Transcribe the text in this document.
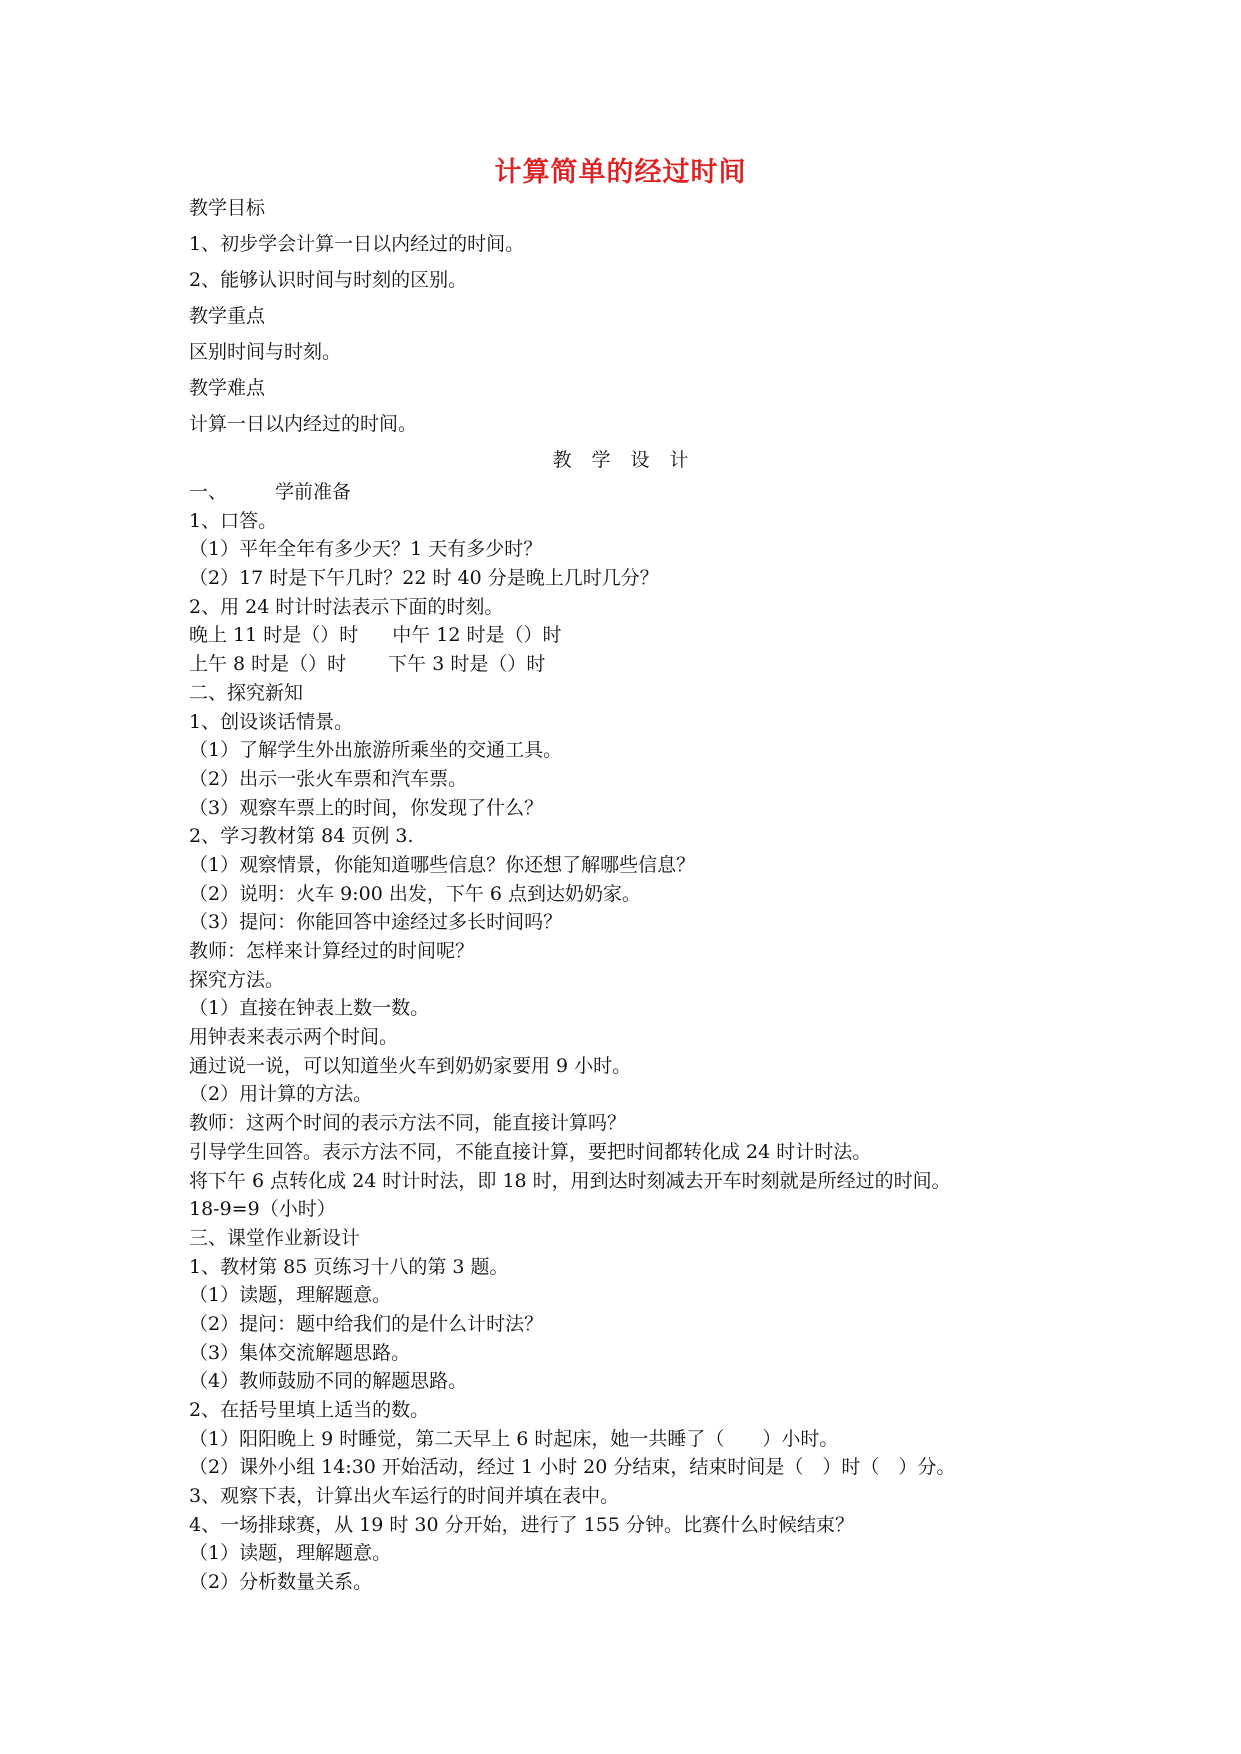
计算简单的经过时间

教学目标

1、初步学会计算一日以内经过的时间。

2、能够认识时间与时刻的区别。

教学重点

区别时间与时刻。

教学难点

计算一日以内经过的时间。

教学设计

一、	学前准备

1、口答。

（1）平年全年有多少天？1 天有多少时？

（2）17 时是下午几时？22 时 40 分是晚上几时几分？

2、用 24 时计时法表示下面的时刻。

晚上 11 时是（）时 中午 12 时是（）时

上午 8 时是（）时 下午 3 时是（）时

二、探究新知

1、创设谈话情景。

（1）了解学生外出旅游所乘坐的交通工具。

（2）出示一张火车票和汽车票。

（3）观察车票上的时间，你发现了什么？

2、学习教材第 84 页例 3.

（1）观察情景，你能知道哪些信息？你还想了解哪些信息？

（2）说明：火车 9:00 出发，下午 6 点到达奶奶家。

（3）提问：你能回答中途经过多长时间吗？

教师：怎样来计算经过的时间呢？

探究方法。

（1）直接在钟表上数一数。

用钟表来表示两个时间。

通过说一说，可以知道坐火车到奶奶家要用 9 小时。

（2）用计算的方法。

教师：这两个时间的表示方法不同，能直接计算吗？

引导学生回答。表示方法不同，不能直接计算，要把时间都转化成 24 时计时法。

将下午 6 点转化成 24 时计时法，即 18 时，用到达时刻减去开车时刻就是所经过的时间。

18-9=9（小时）

三、课堂作业新设计

1、教材第 85 页练习十八的第 3 题。

（1）读题，理解题意。

（2）提问：题中给我们的是什么计时法？

（3）集体交流解题思路。

（4）教师鼓励不同的解题思路。

2、在括号里填上适当的数。

（1）阳阳晚上 9 时睡觉，第二天早上 6 时起床，她一共睡了（　　）小时。

（2）课外小组 14:30 开始活动，经过 1 小时 20 分结束，结束时间是（　）时（　）分。

3、观察下表，计算出火车运行的时间并填在表中。

4、一场排球赛，从 19 时 30 分开始，进行了 155 分钟。比赛什么时候结束？

（1）读题，理解题意。

（2）分析数量关系。
